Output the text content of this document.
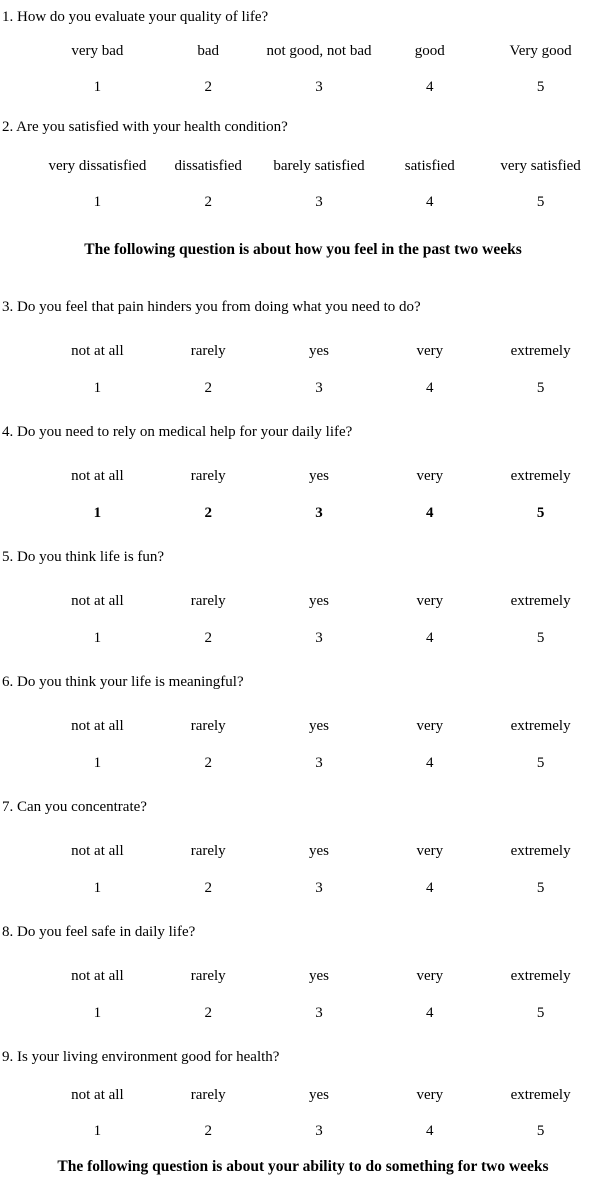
1. How do you evaluate your quality of life?
very bad	bad	not good, not bad	good	Very good
1	2	3	4	5
2. Are you satisfied with your health condition?
very dissatisfied	dissatisfied	barely satisfied	satisfied	very satisfied
1	2	3	4	5
The following question is about how you feel in the past two weeks
3. Do you feel that pain hinders you from doing what you need to do?
not at all	rarely	yes	very	extremely
1	2	3	4	5
4. Do you need to rely on medical help for your daily life?
not at all	rarely	yes	very	extremely
1	2	3	4	5
5. Do you think life is fun?
not at all	rarely	yes	very	extremely
1	2	3	4	5
6. Do you think your life is meaningful?
not at all	rarely	yes	very	extremely
1	2	3	4	5
7. Can you concentrate?
not at all	rarely	yes	very	extremely
1	2	3	4	5
8. Do you feel safe in daily life?
not at all	rarely	yes	very	extremely
1	2	3	4	5
9. Is your living environment good for health?
not at all	rarely	yes	very	extremely
1	2	3	4	5
The following question is about your ability to do something for two weeks
